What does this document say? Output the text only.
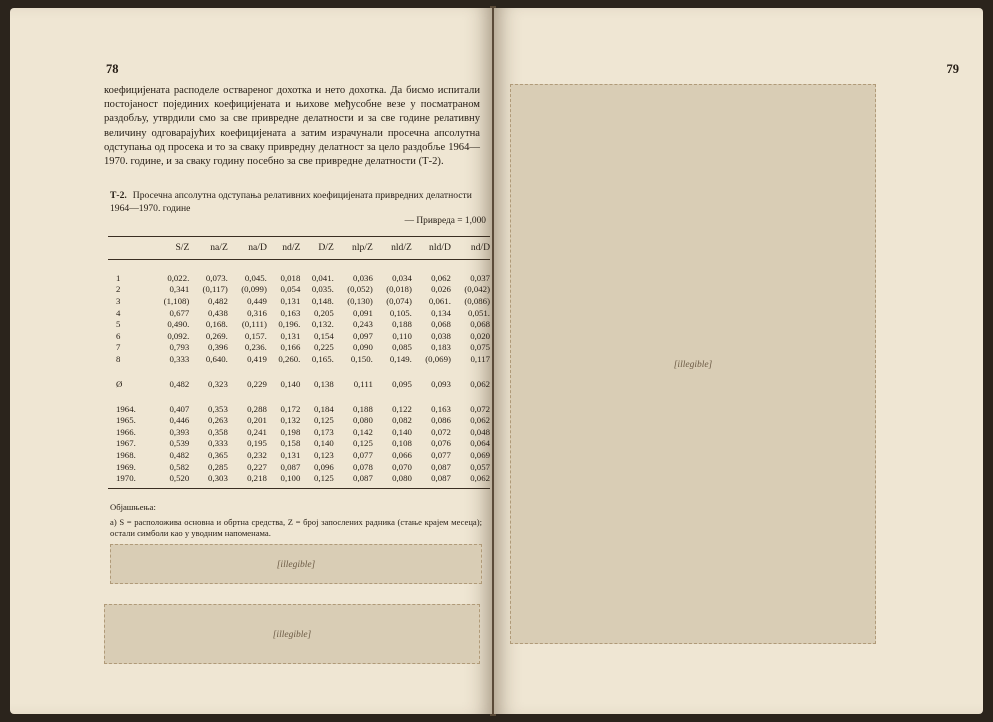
78
коефицијената расподеле оствареног дохотка и нето дохотка. Да бисмо испитали постојаност појединих коефицијената и њихове међусобне везе у посматраном раздобљу, утврдили смо за све привредне делатности и за све године релативну величину одговарајућих коефицијената а затим израчунали просечна апсолутна одступања од просека и то за сваку привредну делатност за цело раздобље 1964—1970. године, и за сваку годину посебно за све привредне делатности (Т-2).
Т-2. Просечна апсолутна одступања релативних коефицијената привредних делатности 1964—1970. године
— Привреда = 1,000
	S/Z	na/Z	na/D	nd/Z	D/Z	nlp/Z	nld/Z	nld/D	nd/D

1	0,022.	0,073.	0,045.	0,018	0,041.	0,036	0,034	0,062	0,037
2	0,341	(0,117)	(0,099)	0,054	0,035.	(0,052)	(0,018)	0,026	(0,042)
3	(1,108)	0,482	0,449	0,131	0,148.	(0,130)	(0,074)	0,061.	(0,086)
4	0,677	0,438	0,316	0,163	0,205	0,091	0,105.	0,134	0,051.
5	0,490.	0,168.	(0,111)	0,196.	0,132.	0,243	0,188	0,068	0,068
6	0,092.	0,269.	0,157.	0,131	0,154	0,097	0,110	0,038	0,020
7	0,793	0,396	0,236.	0,166	0,225	0,090	0,085	0,183	0,075
8	0,333	0,640.	0,419	0,260.	0,165.	0,150.	0,149.	(0,069)	0,117

Ø	0,482	0,323	0,229	0,140	0,138	0,111	0,095	0,093	0,062

1964.	0,407	0,353	0,288	0,172	0,184	0,188	0,122	0,163	0,072
1965.	0,446	0,263	0,201	0,132	0,125	0,080	0,082	0,086	0,062
1966.	0,393	0,358	0,241	0,198	0,173	0,142	0,140	0,072	0,048
1967.	0,539	0,333	0,195	0,158	0,140	0,125	0,108	0,076	0,064
1968.	0,482	0,365	0,232	0,131	0,123	0,077	0,066	0,077	0,069
1969.	0,582	0,285	0,227	0,087	0,096	0,078	0,070	0,087	0,057
1970.	0,520	0,303	0,218	0,100	0,125	0,087	0,080	0,087	0,062
Објашњења:

а) S = расположива основна и обртна средства, Z = број запослених радника (стање крајем месеца); остали симболи као у уводним напоменама.

[illegible]

[illegible]
79
[illegible]
